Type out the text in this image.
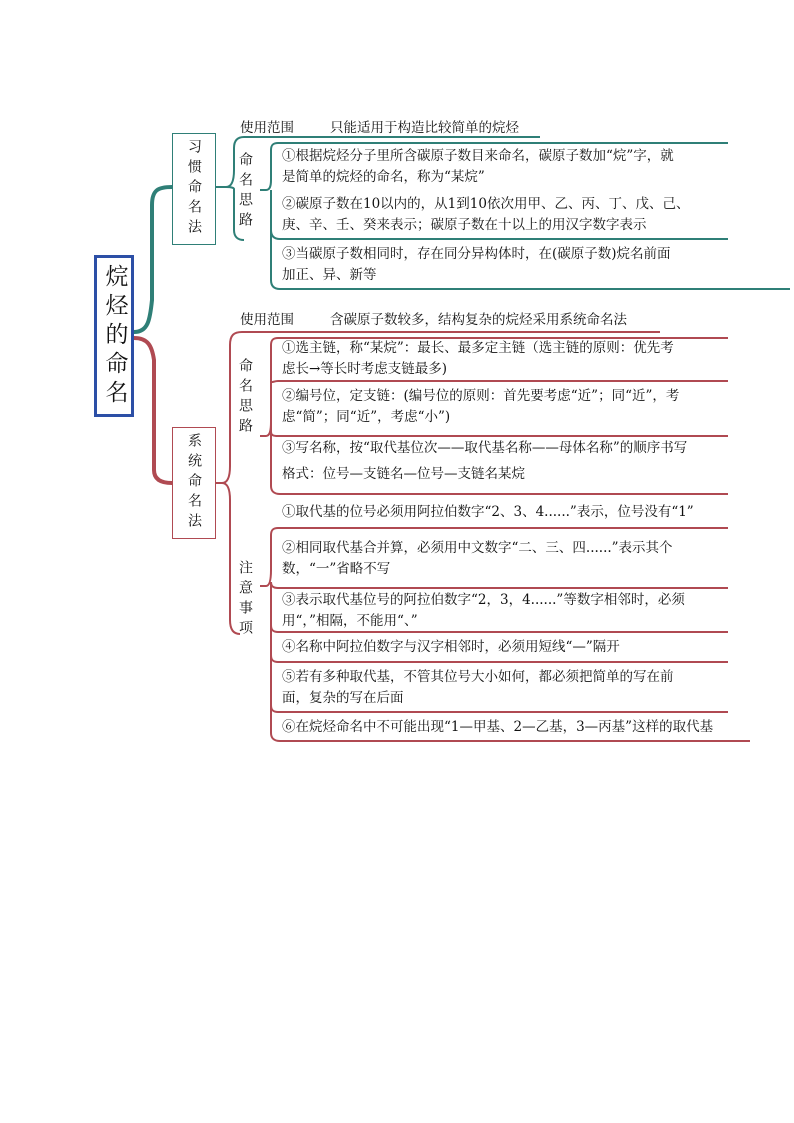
烷烃的命名
习惯命名法
使用范围	只能适用于构造比较简单的烷烃
命名思路	①根据烷烃分子里所含碳原子数目来命名，碳原子数加“烷”字，就
是简单的烷烃的命名，称为“某烷”
②碳原子数在10以内的，从1到10依次用甲、乙、丙、丁、戊、己、
庚、辛、壬、癸来表示；碳原子数在十以上的用汉字数字表示
③当碳原子数相同时，存在同分异构体时，在(碳原子数)烷名前面
加正、异、新等
系统命名法
使用范围	含碳原子数较多，结构复杂的烷烃采用系统命名法
命名思路
①选主链，称“某烷”：最长、最多定主链（选主链的原则：优先考
虑长→等长时考虑支链最多)
②编号位，定支链：(编号位的原则：首先要考虑“近”；同“近”，考
虑“简”；同“近”，考虑“小”)
③写名称，按“取代基位次——取代基名称——母体名称”的顺序书写
格式：位号—支链名—位号—支链名某烷
注意事项
①取代基的位号必须用阿拉伯数字“2、3、4......”表示，位号没有“1”
②相同取代基合并算，必须用中文数字“二、三、四......”表示其个
数，“一”省略不写
③表示取代基位号的阿拉伯数字“2，3，4......”等数字相邻时，必须
用“，”相隔，不能用“、”
④名称中阿拉伯数字与汉字相邻时，必须用短线“—”隔开
⑤若有多种取代基，不管其位号大小如何，都必须把简单的写在前
面，复杂的写在后面
⑥在烷烃命名中不可能出现“1—甲基、2—乙基，3—丙基”这样的取代基
